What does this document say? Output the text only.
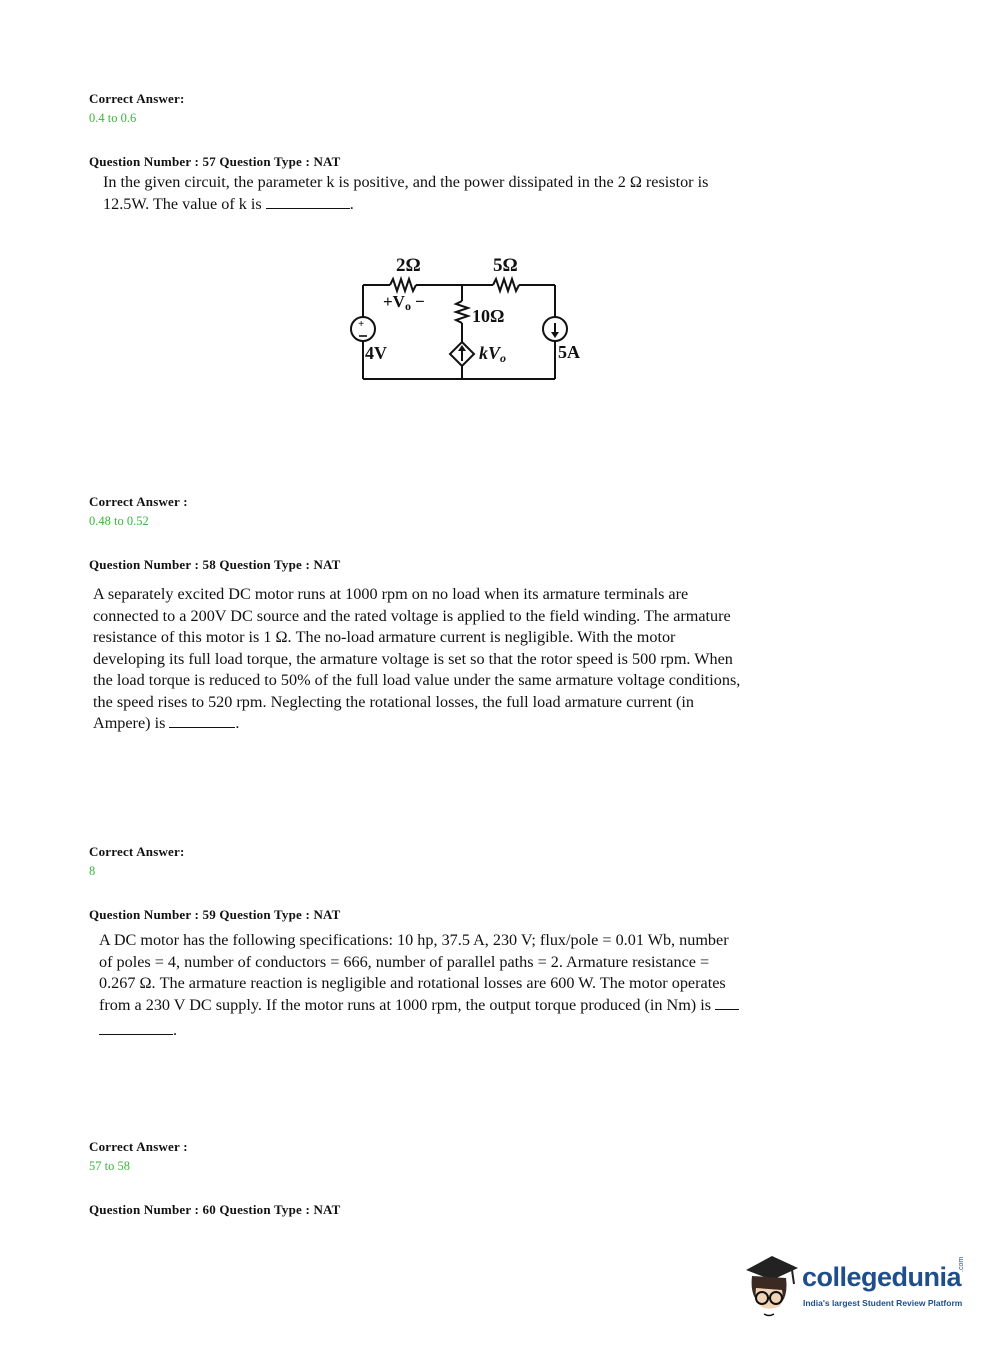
Correct Answer:
0.4 to 0.6
Question Number : 57 Question Type : NAT
In the given circuit, the parameter k is positive, and the power dissipated in the 2 Ω resistor is
12.5W. The value of k is	.
+
2Ω	5Ω
+Vo −
10Ω
4V	kVo	5A
Correct Answer :
0.48 to 0.52
Question Number : 58 Question Type : NAT
A separately excited DC motor runs at 1000 rpm on no load when its armature terminals are
connected to a 200V DC source and the rated voltage is applied to the field winding. The armature
resistance of this motor is 1 Ω. The no-load armature current is negligible. With the motor
developing its full load torque, the armature voltage is set so that the rotor speed is 500 rpm. When
the load torque is reduced to 50% of the full load value under the same armature voltage conditions,
the speed rises to 520 rpm. Neglecting the rotational losses, the full load armature current (in
Ampere) is	.
Correct Answer:
8
Question Number : 59 Question Type : NAT
A DC motor has the following specifications: 10 hp, 37.5 A, 230 V; flux/pole = 0.01 Wb, number
of poles = 4, number of conductors = 666, number of parallel paths = 2. Armature resistance =
0.267 Ω. The armature reaction is negligible and rotational losses are 600 W. The motor operates
from a 230 V DC supply. If the motor runs at 1000 rpm, the output torque produced (in Nm) is
.
Correct Answer :
57 to 58
Question Number : 60 Question Type : NAT
collegedunia
.com
India's largest Student Review Platform
